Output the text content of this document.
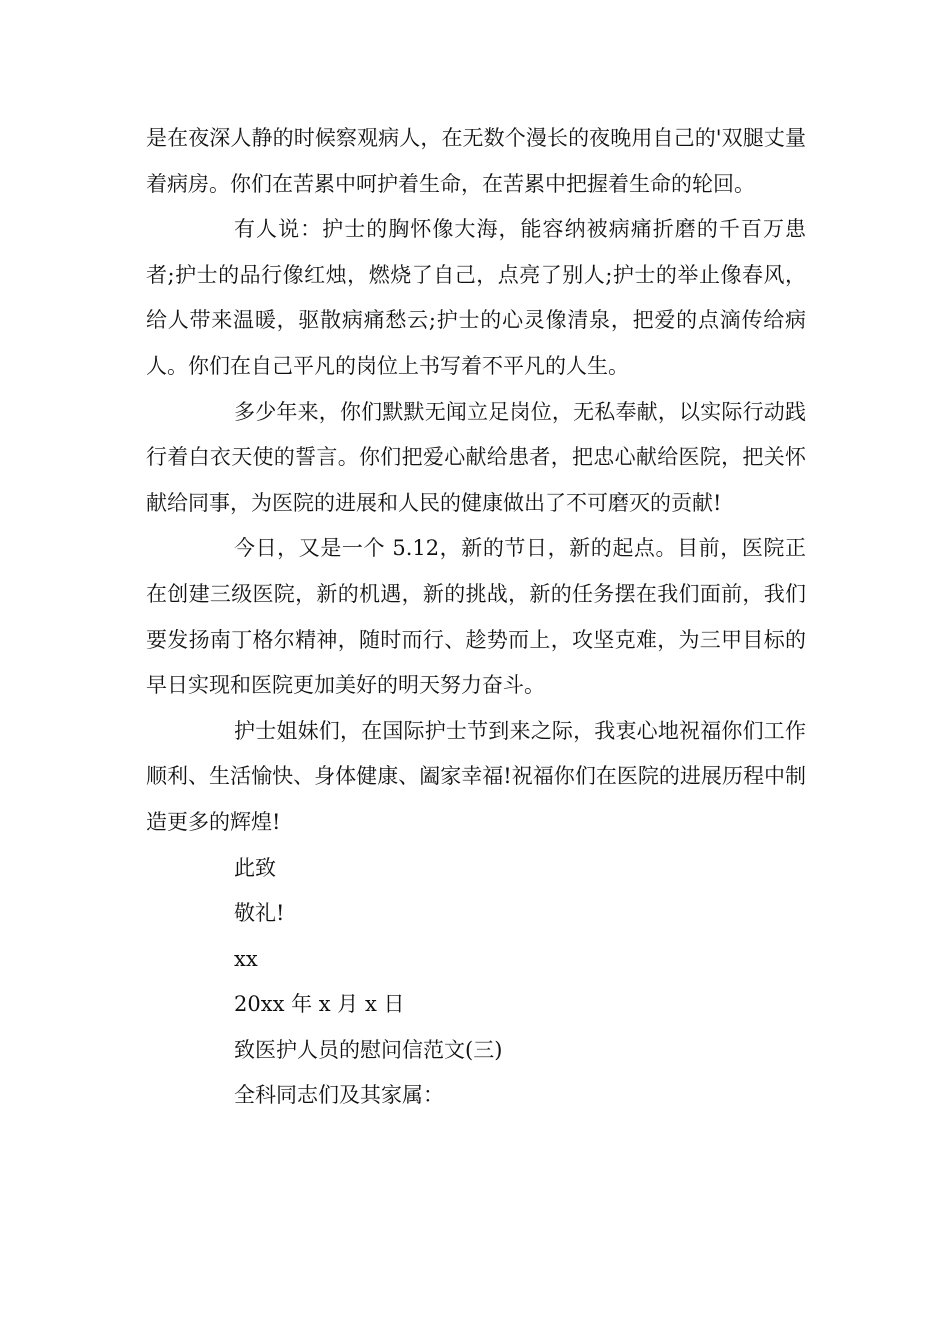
是在夜深人静的时候察观病人，在无数个漫长的夜晚用自己的'双腿丈量着病房。你们在苦累中呵护着生命，在苦累中把握着生命的轮回。

有人说：护士的胸怀像大海，能容纳被病痛折磨的千百万患者;护士的品行像红烛，燃烧了自己，点亮了别人;护士的举止像春风，给人带来温暖，驱散病痛愁云;护士的心灵像清泉，把爱的点滴传给病人。你们在自己平凡的岗位上书写着不平凡的人生。

多少年来，你们默默无闻立足岗位，无私奉献，以实际行动践行着白衣天使的誓言。你们把爱心献给患者，把忠心献给医院，把关怀献给同事，为医院的进展和人民的健康做出了不可磨灭的贡献!

今日，又是一个 5.12，新的节日，新的起点。目前，医院正在创建三级医院，新的机遇，新的挑战，新的任务摆在我们面前，我们要发扬南丁格尔精神，随时而行、趁势而上，攻坚克难，为三甲目标的早日实现和医院更加美好的明天努力奋斗。

护士姐妹们，在国际护士节到来之际，我衷心地祝福你们工作顺利、生活愉快、身体健康、阖家幸福!祝福你们在医院的进展历程中制造更多的辉煌!

此致

敬礼!

xx

20xx 年 x 月 x 日

致医护人员的慰问信范文(三)

全科同志们及其家属：
